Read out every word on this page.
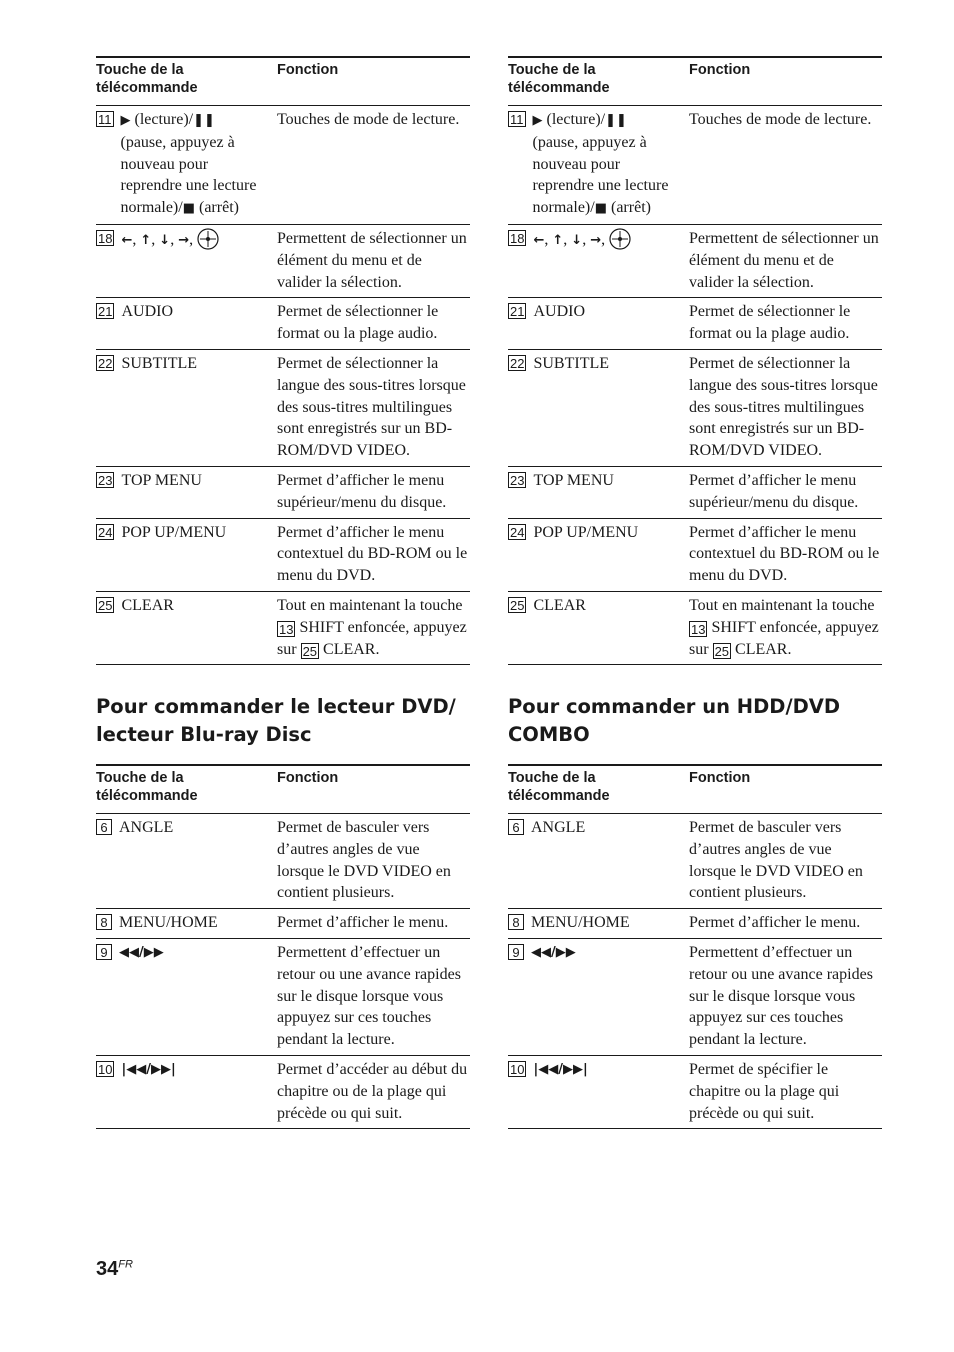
Touche de la télécommande	Fonction

11 ▶ (lecture)/❚❚
(pause, appuyez à nouveau pour reprendre une lecture normale)/■ (arrêt)	Touches de mode de lecture.

18 ←, ↑, ↓, →,	Permettent de sélectionner un élément du menu et de valider la sélection.

21 AUDIO	Permet de sélectionner le format ou la plage audio.

22 SUBTITLE	Permet de sélectionner la langue des sous-titres lorsque des sous-titres multilingues sont enregistrés sur un BD-ROM/DVD VIDEO.

23 TOP MENU	Permet d’afficher le menu supérieur/menu du disque.

24 POP UP/MENU	Permet d’afficher le menu contextuel du BD-ROM ou le menu du DVD.

25 CLEAR	Tout en maintenant la touche 13 SHIFT enfoncée, appuyez sur 25 CLEAR.
Touche de la télécommande	Fonction

11 ▶ (lecture)/❚❚
(pause, appuyez à nouveau pour reprendre une lecture normale)/■ (arrêt)	Touches de mode de lecture.

18 ←, ↑, ↓, →,	Permettent de sélectionner un élément du menu et de valider la sélection.

21 AUDIO	Permet de sélectionner le format ou la plage audio.

22 SUBTITLE	Permet de sélectionner la langue des sous-titres lorsque des sous-titres multilingues sont enregistrés sur un BD-ROM/DVD VIDEO.

23 TOP MENU	Permet d’afficher le menu supérieur/menu du disque.

24 POP UP/MENU	Permet d’afficher le menu contextuel du BD-ROM ou le menu du DVD.

25 CLEAR	Tout en maintenant la touche 13 SHIFT enfoncée, appuyez sur 25 CLEAR.
Pour commander le lecteur DVD/ lecteur Blu-ray Disc
Pour commander un HDD/DVD COMBO
Touche de la télécommande	Fonction

6 ANGLE	Permet de basculer vers d’autres angles de vue lorsque le DVD VIDEO en contient plusieurs.

8 MENU/HOME	Permet d’afficher le menu.

9 ◀◀/▶▶	Permettent d’effectuer un retour ou une avance rapides sur le disque lorsque vous appuyez sur ces touches pendant la lecture.

10 |◀◀/▶▶|	Permet d’accéder au début du chapitre ou de la plage qui précède ou qui suit.
Touche de la télécommande	Fonction

6 ANGLE	Permet de basculer vers d’autres angles de vue lorsque le DVD VIDEO en contient plusieurs.

8 MENU/HOME	Permet d’afficher le menu.

9 ◀◀/▶▶	Permettent d’effectuer un retour ou une avance rapides sur le disque lorsque vous appuyez sur ces touches pendant la lecture.

10 |◀◀/▶▶|	Permet de spécifier le chapitre ou la plage qui précède ou qui suit.
$34^{FR}$
